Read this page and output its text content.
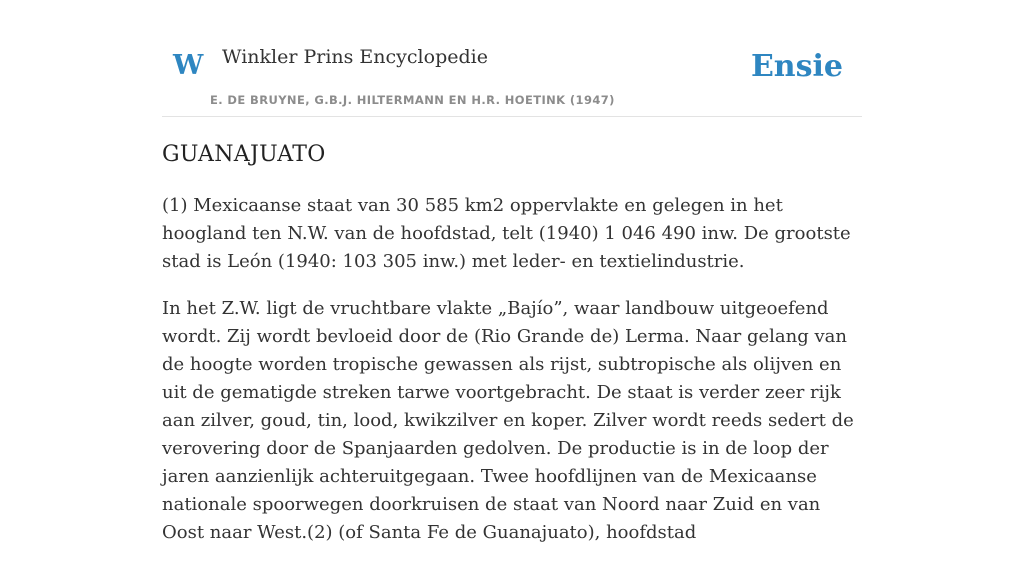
W Winkler Prins Encyclopedie
E. DE BRUYNE, G.B.J. HILTERMANN EN H.R. HOETINK (1947)
Ensie
GUANAJUATO

(1) Mexicaanse staat van 30 585 km2 oppervlakte en gelegen in het hoogland ten N.W. van de hoofdstad, telt (1940) 1 046 490 inw. De grootste stad is León (1940: 103 305 inw.) met leder- en textielindustrie.

In het Z.W. ligt de vruchtbare vlakte „Bajío”, waar landbouw uitgeoefend wordt. Zij wordt bevloeid door de (Rio Grande de) Lerma. Naar gelang van de hoogte worden tropische gewassen als rijst, subtropische als olijven en uit de gematigde streken tarwe voortgebracht. De staat is verder zeer rijk aan zilver, goud, tin, lood, kwikzilver en koper. Zilver wordt reeds sedert de verovering door de Spanjaarden gedolven. De productie is in de loop der jaren aanzienlijk achteruitgegaan. Twee hoofdlijnen van de Mexicaanse nationale spoorwegen doorkruisen de staat van Noord naar Zuid en van Oost naar West.(2) (of Santa Fe de Guanajuato), hoofdstad
